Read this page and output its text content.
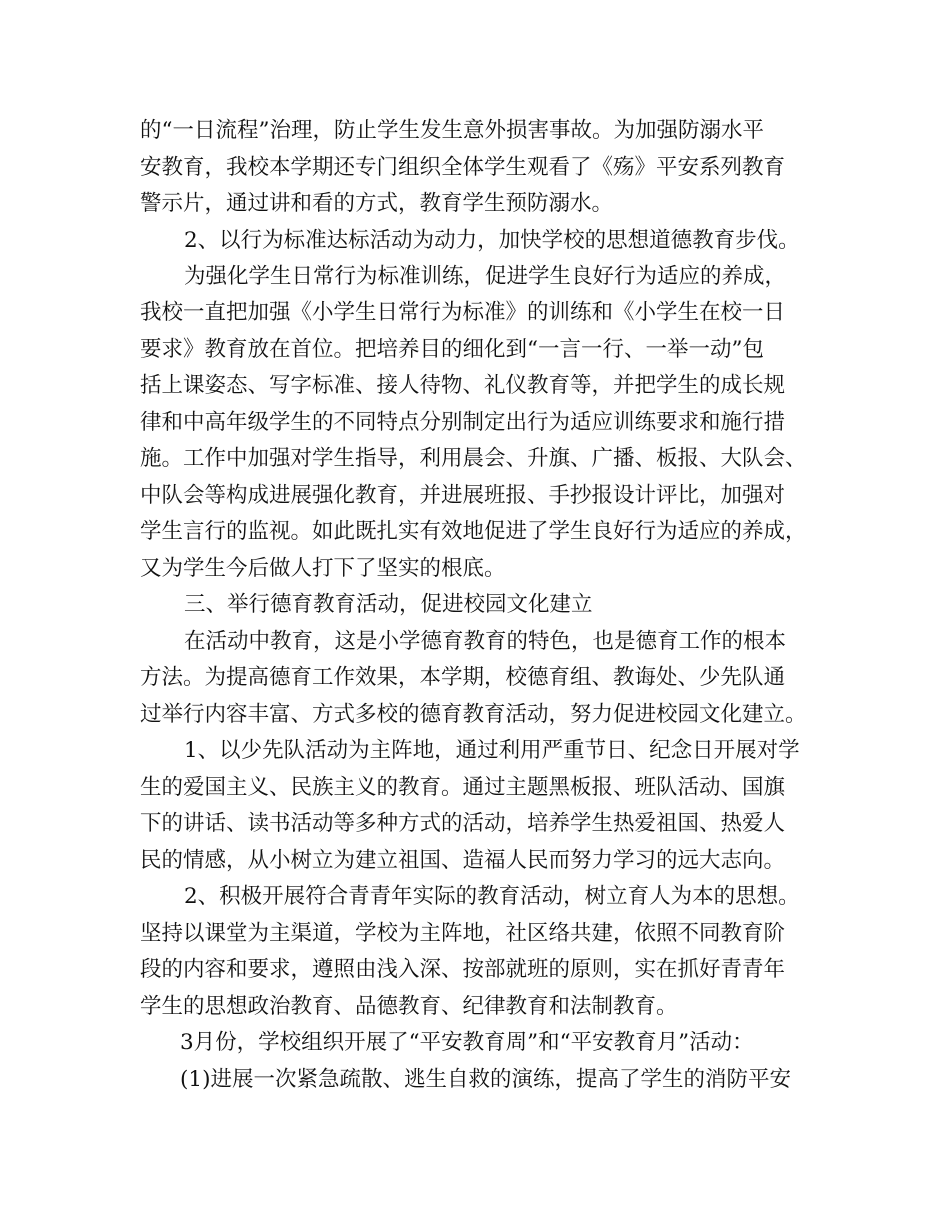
的“一日流程”治理，防止学生发生意外损害事故。为加强防溺水平
安教育，我校本学期还专门组织全体学生观看了《殇》平安系列教育
警示片，通过讲和看的方式，教育学生预防溺水。
2、以行为标准达标活动为动力，加快学校的思想道德教育步伐。
为强化学生日常行为标准训练，促进学生良好行为适应的养成，
我校一直把加强《小学生日常行为标准》的训练和《小学生在校一日
要求》教育放在首位。把培养目的细化到“一言一行、一举一动”包
括上课姿态、写字标准、接人待物、礼仪教育等，并把学生的成长规
律和中高年级学生的不同特点分别制定出行为适应训练要求和施行措
施。工作中加强对学生指导，利用晨会、升旗、广播、板报、大队会、
中队会等构成进展强化教育，并进展班报、手抄报设计评比，加强对
学生言行的监视。如此既扎实有效地促进了学生良好行为适应的养成，
又为学生今后做人打下了坚实的根底。
三、举行德育教育活动，促进校园文化建立
在活动中教育，这是小学德育教育的特色，也是德育工作的根本
方法。为提高德育工作效果，本学期，校德育组、教诲处、少先队通
过举行内容丰富、方式多校的德育教育活动，努力促进校园文化建立。
1、以少先队活动为主阵地，通过利用严重节日、纪念日开展对学
生的爱国主义、民族主义的教育。通过主题黑板报、班队活动、国旗
下的讲话、读书活动等多种方式的活动，培养学生热爱祖国、热爱人
民的情感，从小树立为建立祖国、造福人民而努力学习的远大志向。
2、积极开展符合青青年实际的教育活动，树立育人为本的思想。
坚持以课堂为主渠道，学校为主阵地，社区络共建，依照不同教育阶
段的内容和要求，遵照由浅入深、按部就班的原则，实在抓好青青年
学生的思想政治教育、品德教育、纪律教育和法制教育。
3月份，学校组织开展了“平安教育周”和“平安教育月”活动：
(1)进展一次紧急疏散、逃生自救的演练，提高了学生的消防平安
